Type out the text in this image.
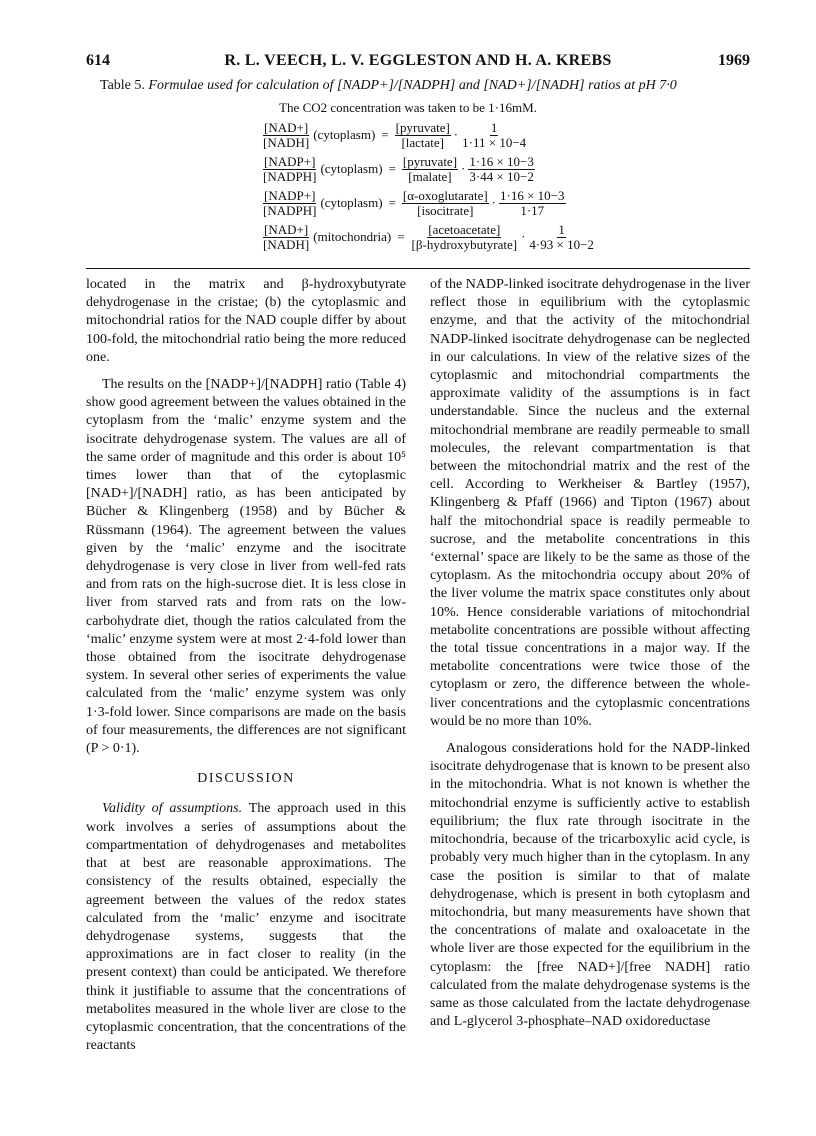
614	R. L. VEECH, L. V. EGGLESTON AND H. A. KREBS	1969
Table 5. Formulae used for calculation of [NADP+]/[NADPH] and [NAD+]/[NADH] ratios at pH 7·0
The CO2 concentration was taken to be 1·16mM.
$\frac{\text{[NAD+]}}{\text{[NADH]}}$ (cytoplasm) = $\frac{\text{[pyruvate]}}{\text{[lactate]}} \cdot \frac{1}{1\cdot 11 \times 10-4}$
$\frac{\text{[NADP+]}}{\text{[NADPH]}}$ (cytoplasm) = $\frac{\text{[pyruvate]}}{\text{[malate]}} \cdot \frac{1\cdot 16 \times 10-3}{3\cdot 44 \times 10-2}$
$\frac{\text{[NADP+]}}{\text{[NADPH]}}$ (cytoplasm) = $\frac{\text{[α-oxoglutarate]}}{\text{[isocitrate]}} \cdot \frac{1\cdot 16 \times 10-3}{1\cdot 17}$
$\frac{\text{[NAD+]}}{\text{[NADH]}}$ (mitochondria) = $\frac{\text{[acetoacetate]}}{\text{[β-hydroxybutyrate]}} \cdot \frac{1}{4\cdot 93 \times 10-2}$

located in the matrix and β-hydroxybutyrate dehydrogenase in the cristae; (b) the cytoplasmic and mitochondrial ratios for the NAD couple differ by about 100-fold, the mitochondrial ratio being the more reduced one.

The results on the [NADP+]/[NADPH] ratio (Table 4) show good agreement between the values obtained in the cytoplasm from the ‘malic’ enzyme system and the isocitrate dehydrogenase system. The values are all of the same order of magnitude and this order is about 10⁵ times lower than that of the cytoplasmic [NAD+]/[NADH] ratio, as has been anticipated by Bücher & Klingenberg (1958) and by Bücher & Rüssmann (1964). The agreement between the values given by the ‘malic’ enzyme and the isocitrate dehydrogenase is very close in liver from well-fed rats and from rats on the high-sucrose diet. It is less close in liver from starved rats and from rats on the low-carbohydrate diet, though the ratios calculated from the ‘malic’ enzyme system were at most 2·4-fold lower than those obtained from the isocitrate dehydrogenase system. In several other series of experiments the value calculated from the ‘malic’ enzyme system was only 1·3-fold lower. Since comparisons are made on the basis of four measurements, the differences are not significant (P > 0·1).

DISCUSSION

Validity of assumptions. The approach used in this work involves a series of assumptions about the compartmentation of dehydrogenases and metabolites that at best are reasonable approximations. The consistency of the results obtained, especially the agreement between the values of the redox states calculated from the ‘malic’ enzyme and isocitrate dehydrogenase systems, suggests that the approximations are in fact closer to reality (in the present context) than could be anticipated. We therefore think it justifiable to assume that the concentrations of metabolites measured in the whole liver are close to the cytoplasmic concentration, that the concentrations of the reactants

of the NADP-linked isocitrate dehydrogenase in the liver reflect those in equilibrium with the cytoplasmic enzyme, and that the activity of the mitochondrial NADP-linked isocitrate dehydrogenase can be neglected in our calculations. In view of the relative sizes of the cytoplasmic and mitochondrial compartments the approximate validity of the assumptions is in fact understandable. Since the nucleus and the external mitochondrial membrane are readily permeable to small molecules, the relevant compartmentation is that between the mitochondrial matrix and the rest of the cell. According to Werkheiser & Bartley (1957), Klingenberg & Pfaff (1966) and Tipton (1967) about half the mitochondrial space is readily permeable to sucrose, and the metabolite concentrations in this ‘external’ space are likely to be the same as those of the cytoplasm. As the mitochondria occupy about 20% of the liver volume the matrix space constitutes only about 10%. Hence considerable variations of mitochondrial metabolite concentrations are possible without affecting the total tissue concentrations in a major way. If the metabolite concentrations were twice those of the cytoplasm or zero, the difference between the whole-liver concentrations and the cytoplasmic concentrations would be no more than 10%.

Analogous considerations hold for the NADP-linked isocitrate dehydrogenase that is known to be present also in the mitochondria. What is not known is whether the mitochondrial enzyme is sufficiently active to establish equilibrium; the flux rate through isocitrate in the mitochondria, because of the tricarboxylic acid cycle, is probably very much higher than in the cytoplasm. In any case the position is similar to that of malate dehydrogenase, which is present in both cytoplasm and mitochondria, but many measurements have shown that the concentrations of malate and oxaloacetate in the whole liver are those expected for the equilibrium in the cytoplasm: the [free NAD+]/[free NADH] ratio calculated from the malate dehydrogenase systems is the same as those calculated from the lactate dehydrogenase and L-glycerol 3-phosphate–NAD oxidoreductase
